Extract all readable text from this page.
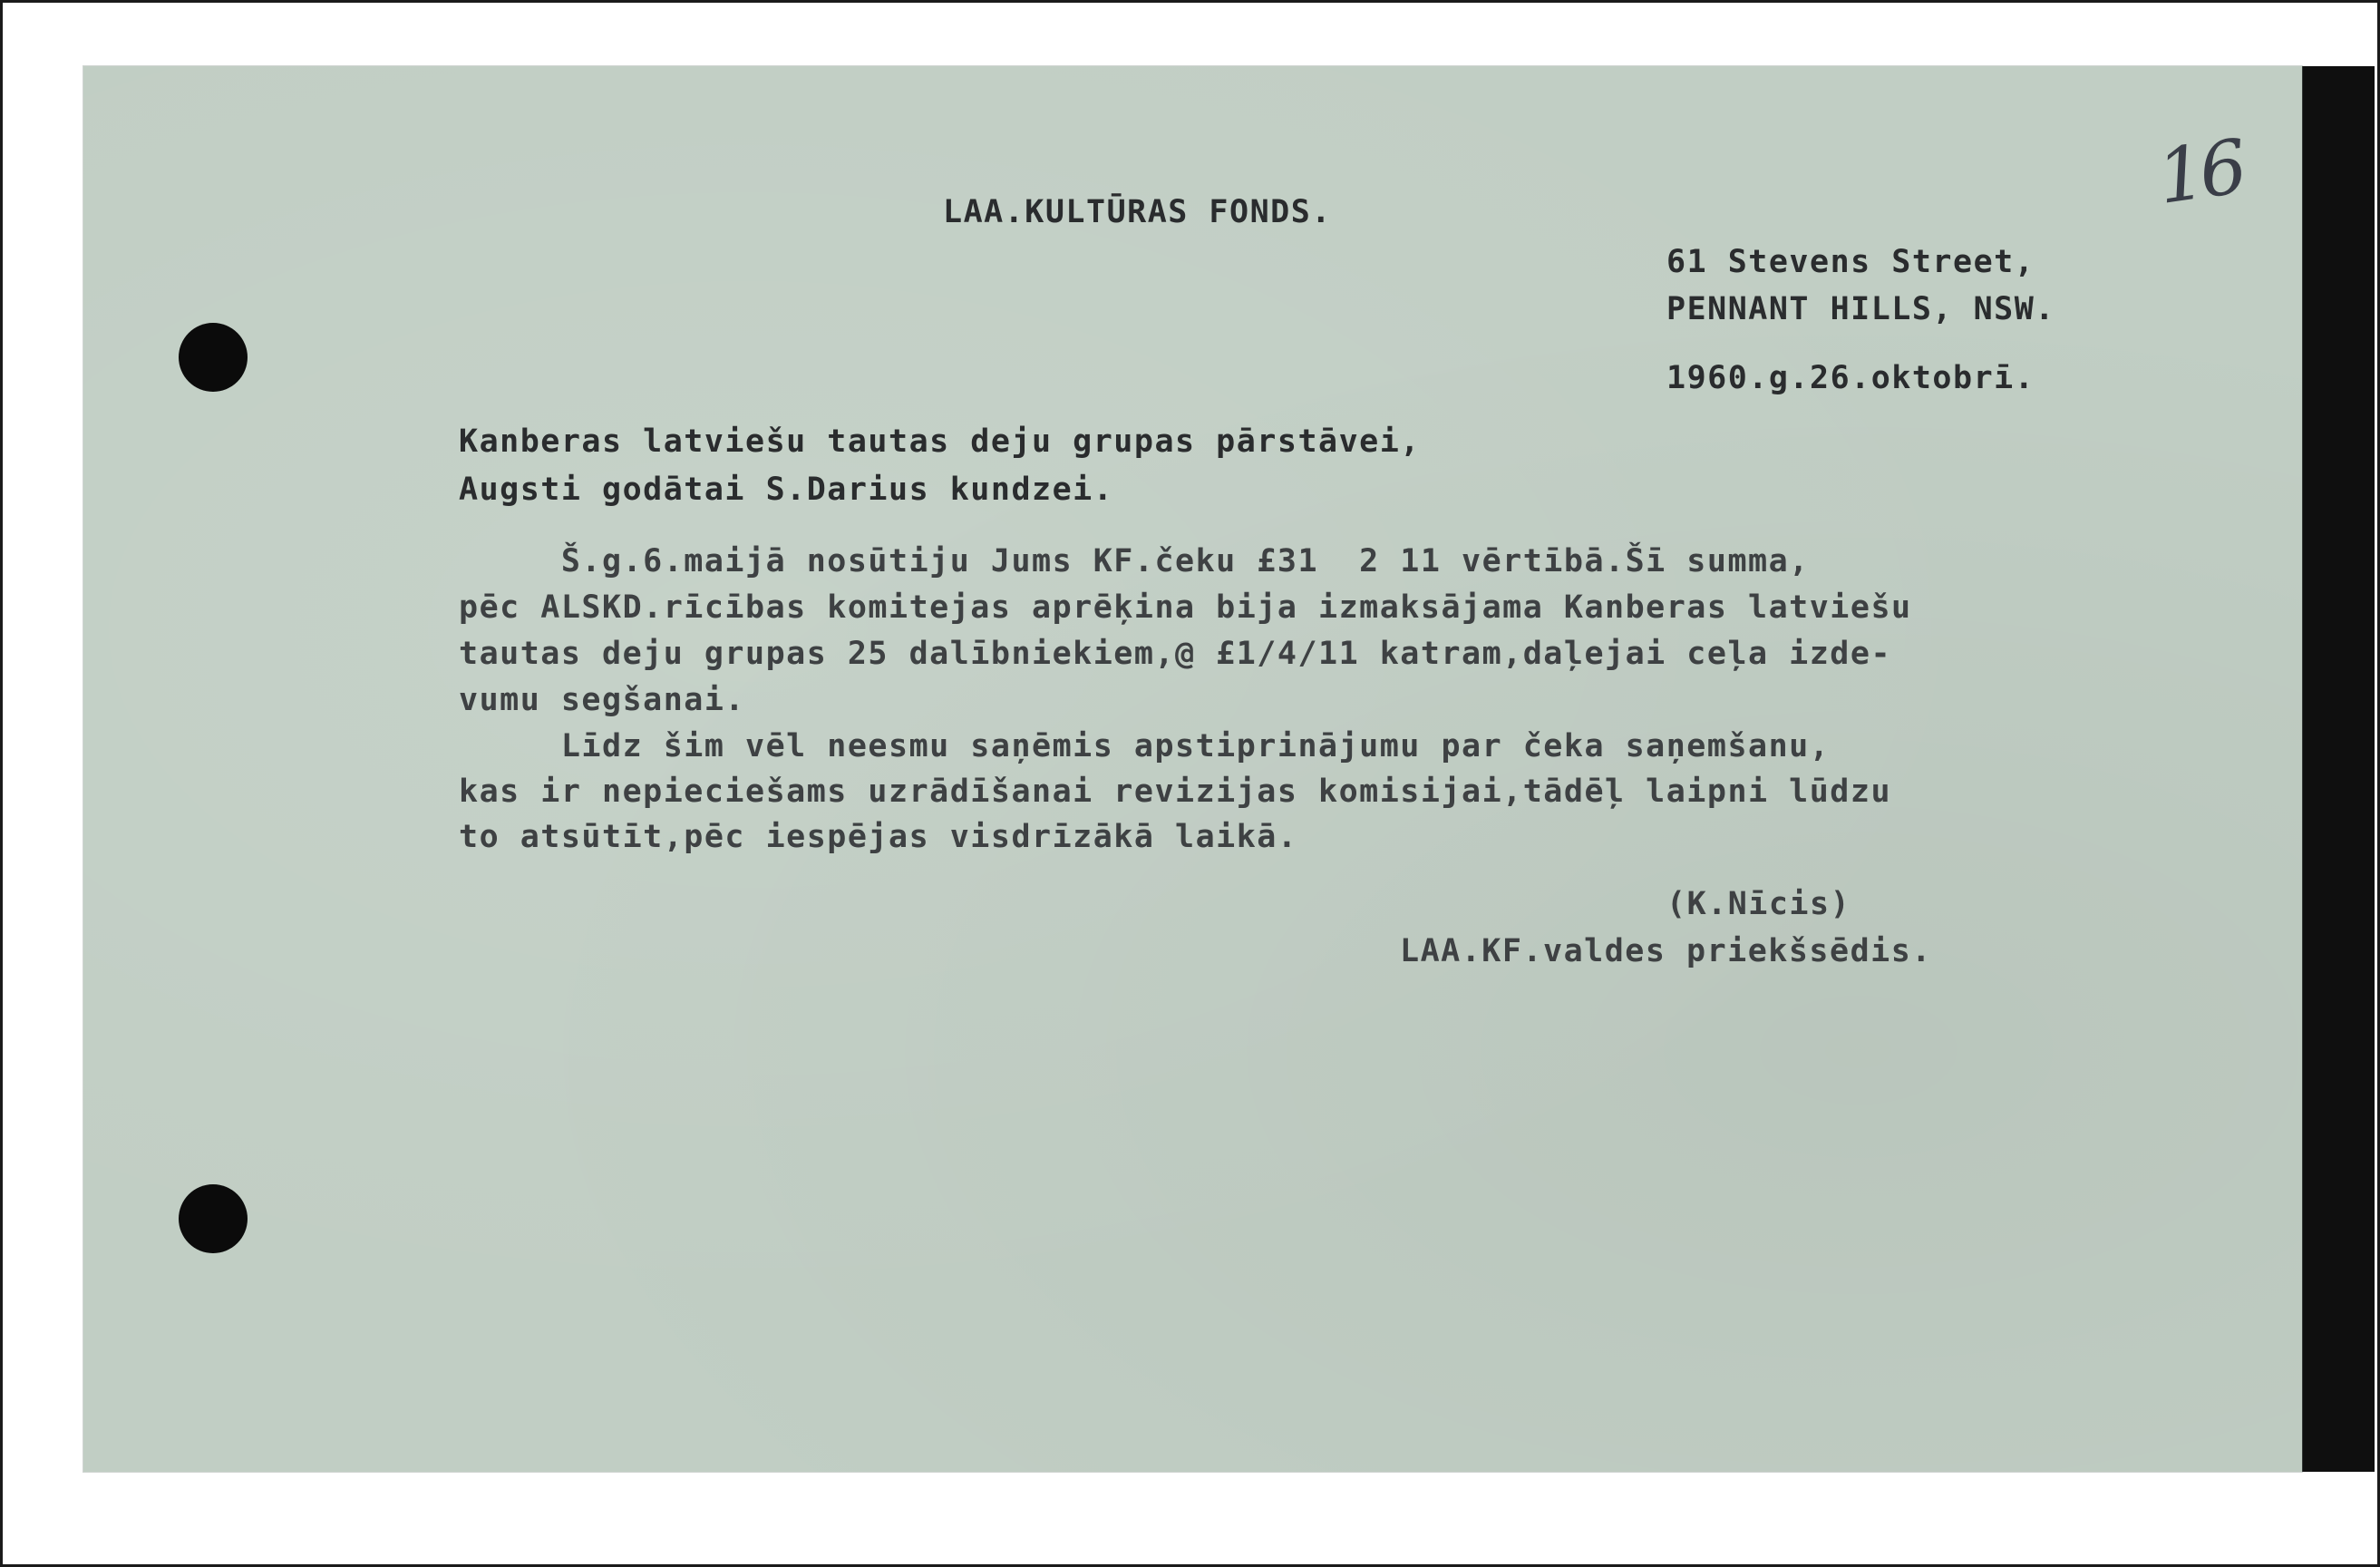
16

LAA.KULTŪRAS FONDS.

61 Stevens Street,

PENNANT HILLS, NSW.

1960.g.26.oktobrī.

Kanberas latviešu tautas deju grupas pārstāvei,

Augsti godātai S.Darius kundzei.

Š.g.6.maijā nosūtiju Jums KF.čeku £31  2 11 vērtībā.Šī summa,

pēc ALSKD.rīcības komitejas aprēķina bija izmaksājama Kanberas latviešu

tautas deju grupas 25 dalībniekiem,@ £1/4/11 katram,daļejai ceļa izde-

vumu segšanai.

Līdz šim vēl neesmu saņēmis apstiprinājumu par čeka saņemšanu,

kas ir nepieciešams uzrādīšanai revizijas komisijai,tādēļ laipni lūdzu

to atsūtīt,pēc iespējas visdrīzākā laikā.

(K.Nīcis)

LAA.KF.valdes priekšsēdis.
